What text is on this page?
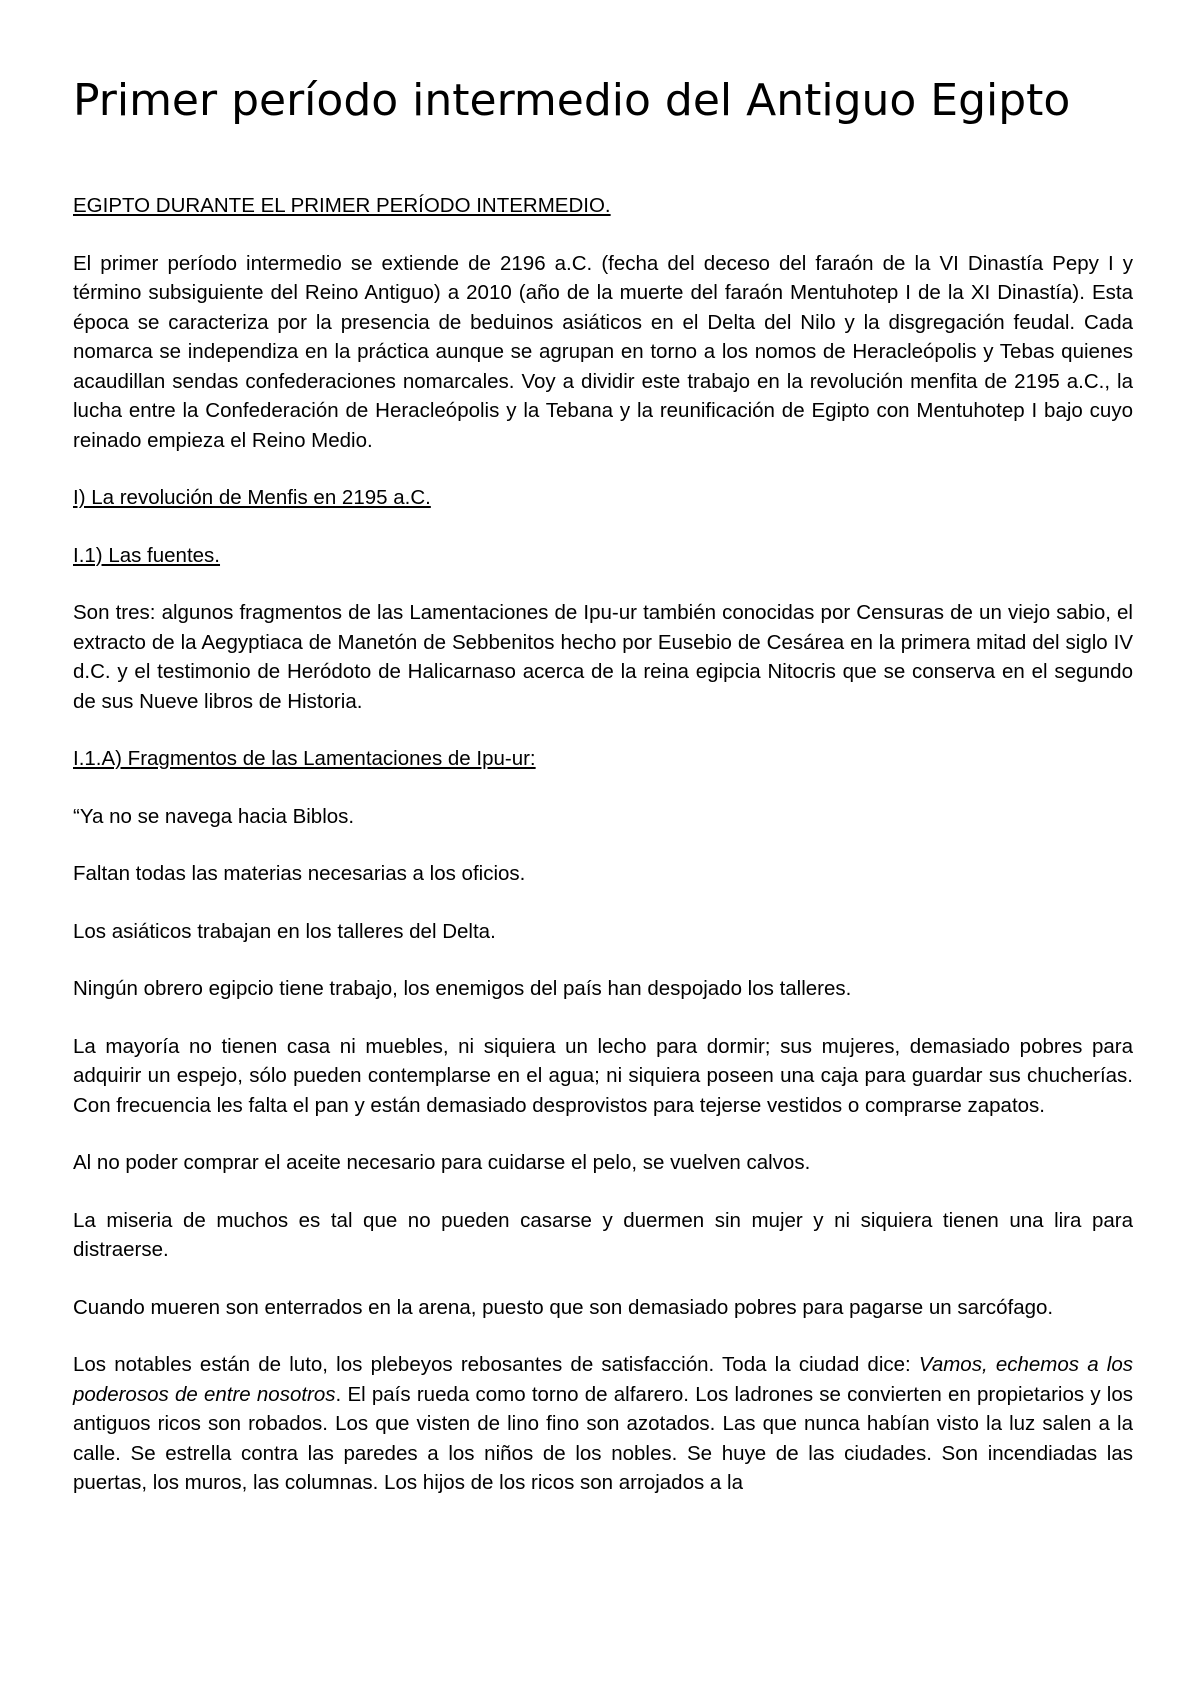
Primer período intermedio del Antiguo Egipto

EGIPTO DURANTE EL PRIMER PERÍODO INTERMEDIO.

El primer período intermedio se extiende de 2196 a.C. (fecha del deceso del faraón de la VI Dinastía Pepy I y término subsiguiente del Reino Antiguo) a 2010 (año de la muerte del faraón Mentuhotep I de la XI Dinastía). Esta época se caracteriza por la presencia de beduinos asiáticos en el Delta del Nilo y la disgregación feudal. Cada nomarca se independiza en la práctica aunque se agrupan en torno a los nomos de Heracleópolis y Tebas quienes acaudillan sendas confederaciones nomarcales. Voy a dividir este trabajo en la revolución menfita de 2195 a.C., la lucha entre la Confederación de Heracleópolis y la Tebana y la reunificación de Egipto con Mentuhotep I bajo cuyo reinado empieza el Reino Medio.

I) La revolución de Menfis en 2195 a.C.

I.1) Las fuentes.

Son tres: algunos fragmentos de las Lamentaciones de Ipu-ur también conocidas por Censuras de un viejo sabio, el extracto de la Aegyptiaca de Manetón de Sebbenitos hecho por Eusebio de Cesárea en la primera mitad del siglo IV d.C. y el testimonio de Heródoto de Halicarnaso acerca de la reina egipcia Nitocris que se conserva en el segundo de sus Nueve libros de Historia.

I.1.A) Fragmentos de las Lamentaciones de Ipu-ur:

“Ya no se navega hacia Biblos.

Faltan todas las materias necesarias a los oficios.

Los asiáticos trabajan en los talleres del Delta.

Ningún obrero egipcio tiene trabajo, los enemigos del país han despojado los talleres.

La mayoría no tienen casa ni muebles, ni siquiera un lecho para dormir; sus mujeres, demasiado pobres para adquirir un espejo, sólo pueden contemplarse en el agua; ni siquiera poseen una caja para guardar sus chucherías. Con frecuencia les falta el pan y están demasiado desprovistos para tejerse vestidos o comprarse zapatos.

Al no poder comprar el aceite necesario para cuidarse el pelo, se vuelven calvos.

La miseria de muchos es tal que no pueden casarse y duermen sin mujer y ni siquiera tienen una lira para distraerse.

Cuando mueren son enterrados en la arena, puesto que son demasiado pobres para pagarse un sarcófago.

Los notables están de luto, los plebeyos rebosantes de satisfacción. Toda la ciudad dice: Vamos, echemos a los poderosos de entre nosotros. El país rueda como torno de alfarero. Los ladrones se convierten en propietarios y los antiguos ricos son robados. Los que visten de lino fino son azotados. Las que nunca habían visto la luz salen a la calle. Se estrella contra las paredes a los niños de los nobles. Se huye de las ciudades. Son incendiadas las puertas, los muros, las columnas. Los hijos de los ricos son arrojados a la
